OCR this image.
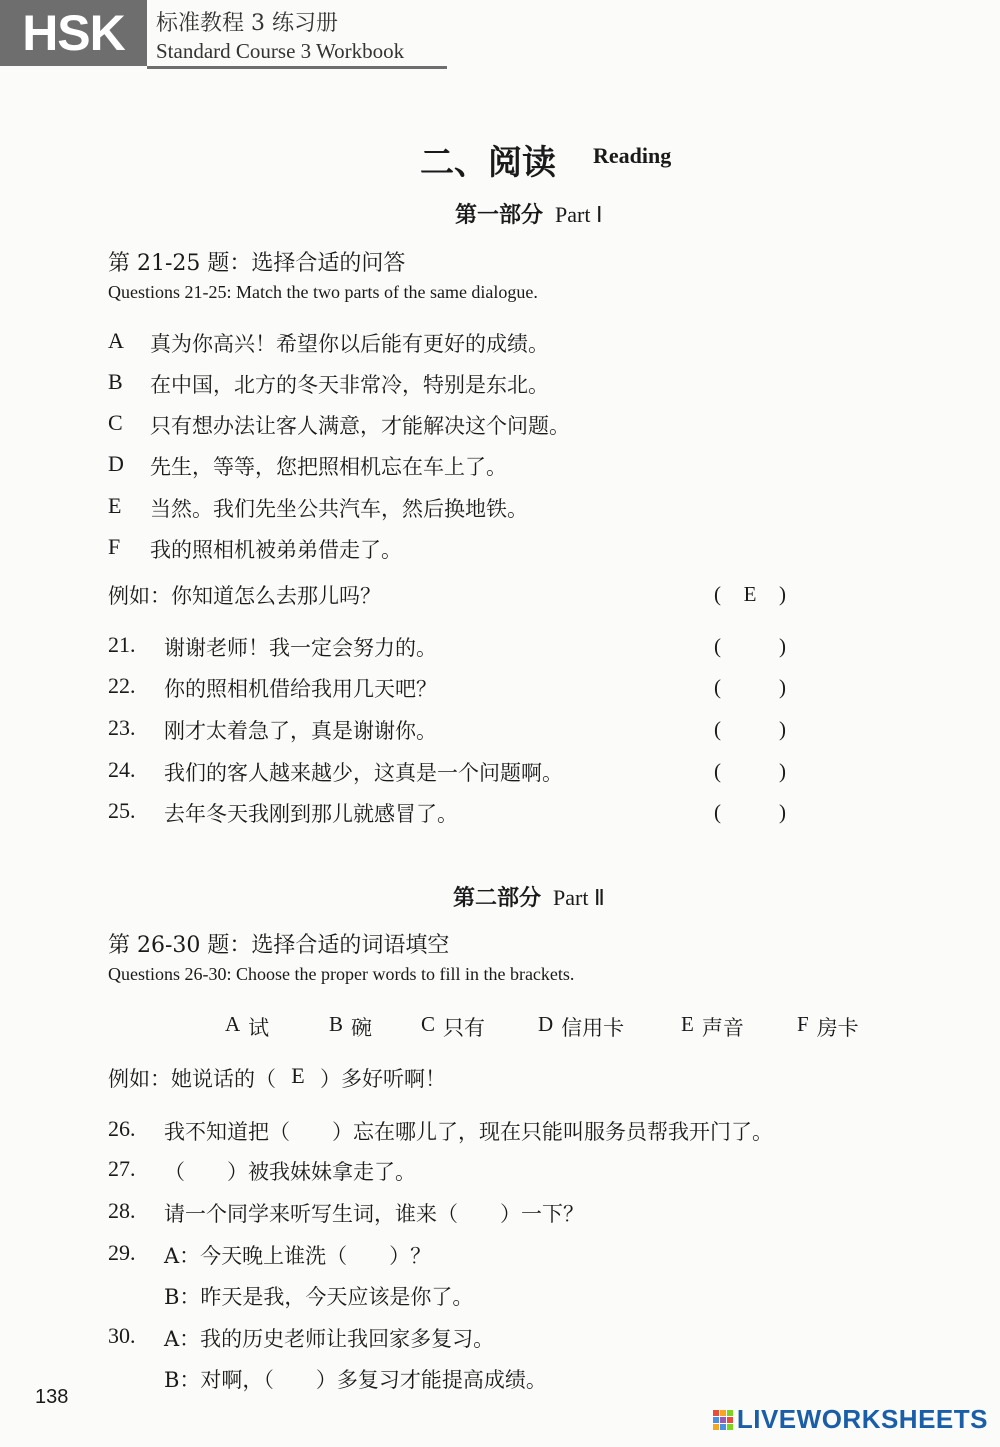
HSK	标准教程 3 练习册
Standard Course 3 Workbook
二、阅读 Reading
第一部分 Part Ⅰ
第 21-25 题：选择合适的问答
Questions 21-25: Match the two parts of the same dialogue.
A	真为你高兴！希望你以后能有更好的成绩。
B	在中国，北方的冬天非常冷，特别是东北。
C	只有想办法让客人满意，才能解决这个问题。
D	先生，等等，您把照相机忘在车上了。
E	当然。我们先坐公共汽车，然后换地铁。
F	我的照相机被弟弟借走了。
例如：你知道怎么去那儿吗？	(	E	)
21.	谢谢老师！我一定会努力的。	(	)
22.	你的照相机借给我用几天吧？	(	)
23.	刚才太着急了，真是谢谢你。	(	)
24.	我们的客人越来越少，这真是一个问题啊。	(	)
25.	去年冬天我刚到那儿就感冒了。	(	)
第二部分 Part Ⅱ
第 26-30 题：选择合适的词语填空
Questions 26-30: Choose the proper words to fill in the brackets.
A 试	B 碗 C 只有	D 信用卡	E 声音	F 房卡
例如：她说话的（ E ）多好听啊！
26.	我不知道把（　　）忘在哪儿了，现在只能叫服务员帮我开门了。
27.	（　　）被我妹妹拿走了。
28.	请一个同学来听写生词，谁来（　　）一下？
29.	A：今天晚上谁洗（　　）？
B：昨天是我，今天应该是你了。
30.	A：我的历史老师让我回家多复习。
B：对啊，（　　）多复习才能提高成绩。
138
LIVEWORKSHEETS
